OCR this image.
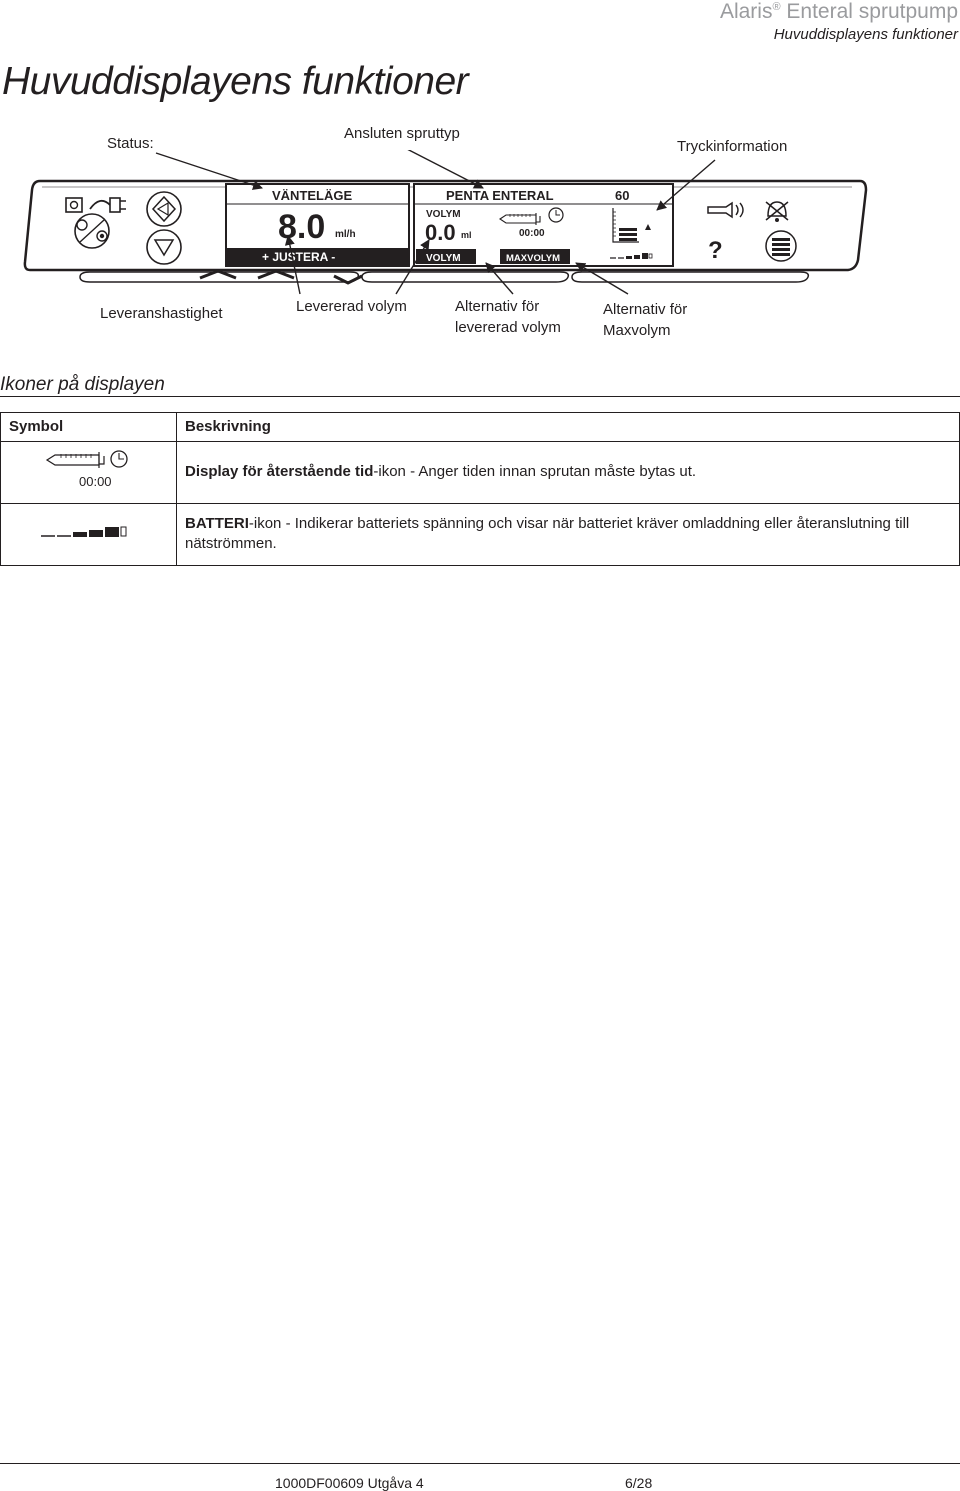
Alaris® Enteral sprutpump
Huvuddisplayens funktioner
Huvuddisplayens funktioner
Status:
Ansluten spruttyp
Tryckinformation
VÄNTELÄGE
8.0 ml/h
+ JUSTERA -
PENTA ENTERAL	60
VOLYM
0.0 ml	00:00
VOLYM	MAXVOLYM	?
Leveranshastighet	Levererad volym	Alternativ för
levererad volym
Alternativ för
Maxvolym
Ikoner på displayen
Symbol	Beskrivning

00:00	Display för återstående tid-ikon - Anger tiden innan sprutan måste bytas ut.
	BATTERI-ikon - Indikerar batteriets spänning och visar när batteriet kräver omladdning eller återanslutning till nätströmmen.
1000DF00609 Utgåva 4	6/28
